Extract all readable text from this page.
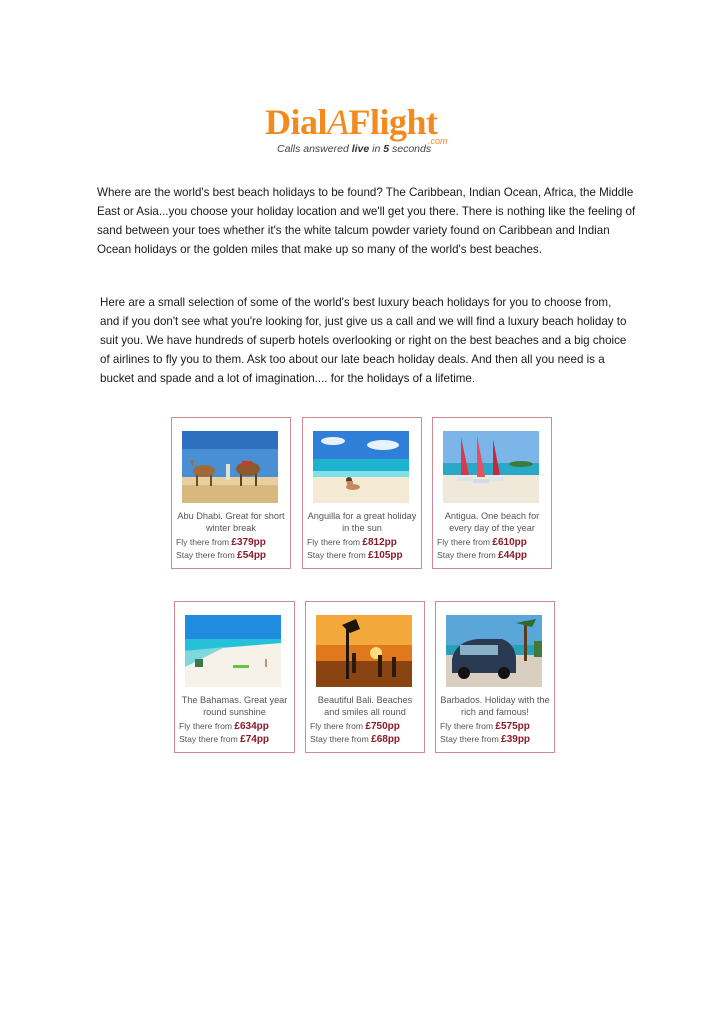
DialAFlight
.com
Calls answered live in 5 seconds
Where are the world's best beach holidays to be found? The Caribbean, Indian Ocean, Africa, the Middle East or Asia...you choose your holiday location and we'll get you there. There is nothing like the feeling of sand between your toes whether it's the white talcum powder variety found on Caribbean and Indian Ocean holidays or the golden miles that make up so many of the world's best beaches.
Here are a small selection of some of the world's best luxury beach holidays for you to choose from, and if you don't see what you're looking for, just give us a call and we will find a luxury beach holiday to suit you. We have hundreds of superb hotels overlooking or right on the best beaches and a big choice of airlines to fly you to them. Ask too about our late beach holiday deals. And then all you need is a bucket and spade and a lot of imagination.... for the holidays of a lifetime.
Abu Dhabi. Great for short winter break
Fly there from £379pp
Stay there from £54pp
Anguilla for a great holiday in the sun
Fly there from £812pp
Stay there from £105pp
Antigua. One beach for every day of the year
Fly there from £610pp
Stay there from £44pp
The Bahamas. Great year round sunshine
Fly there from £634pp
Stay there from £74pp
Beautiful Bali. Beaches and smiles all round
Fly there from £750pp
Stay there from £68pp
Barbados. Holiday with the rich and famous!
Fly there from £575pp
Stay there from £39pp
